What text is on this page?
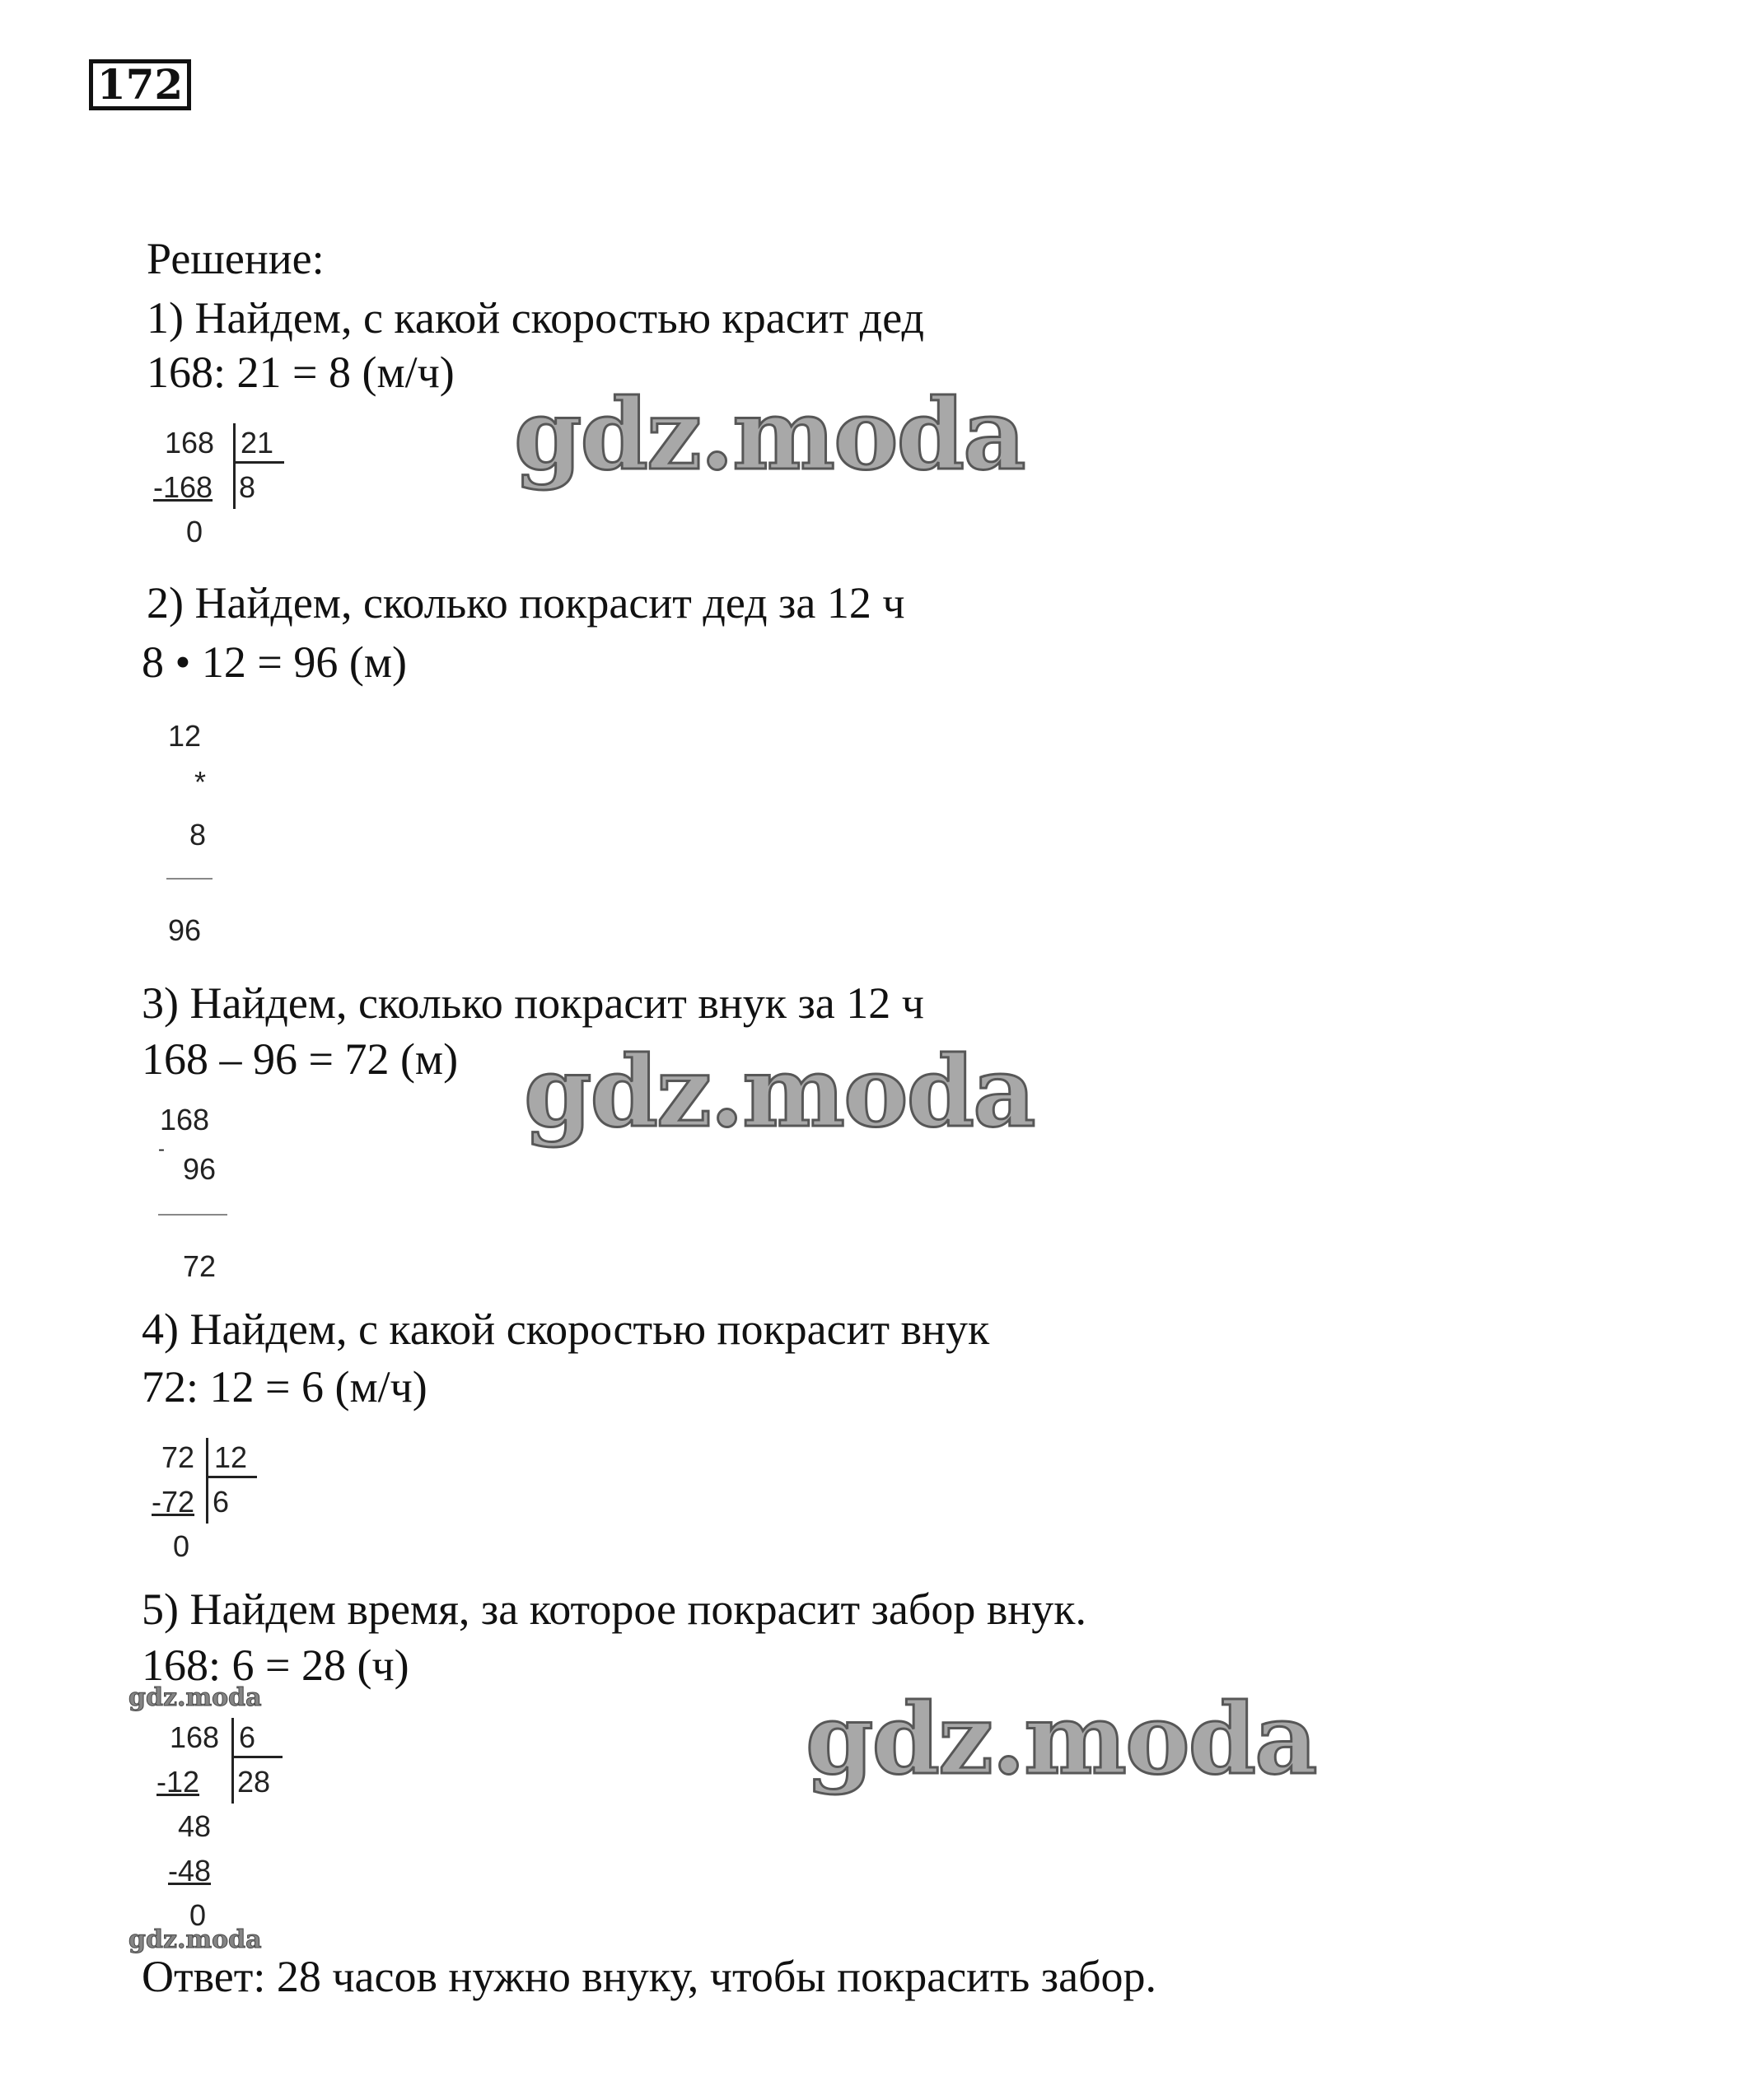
172
Решение:
1) Найдем, с какой скоростью красит дед
168: 21 = 8 (м/ч)
168 21
-168 8
0
2) Найдем, сколько покрасит дед за 12 ч
8 • 12 = 96 (м)
12
*
8
96
3) Найдем, сколько покрасит внук за 12 ч
168 – 96 = 72 (м)
168
-
96
72
4) Найдем, с какой скоростью покрасит внук
72: 12 = 6 (м/ч)
72 12
-72 6
0
5) Найдем время, за которое покрасит забор внук.
168: 6 = 28 (ч)
168 6
-12 28
48
-48
0
Ответ: 28 часов нужно внуку, чтобы покрасить забор.
gdz.moda
gdz.moda
gdz.moda
gdz.moda
gdz.moda
